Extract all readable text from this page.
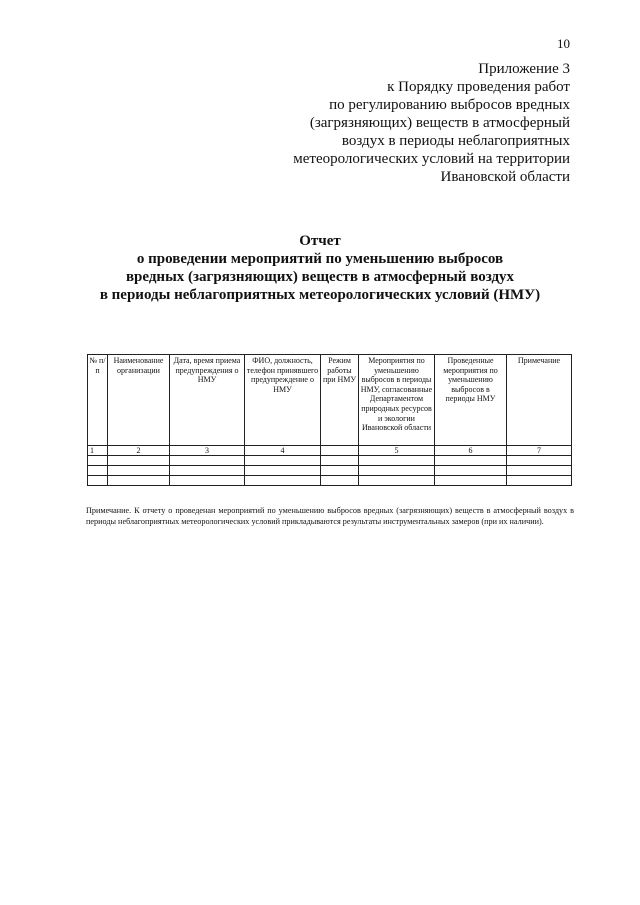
10
Приложение 3
к Порядку проведения работ
по регулированию выбросов вредных
(загрязняющих) веществ в атмосферный
воздух в периоды неблагоприятных
метеорологических условий на территории
Ивановской области
Отчет
о проведении мероприятий по уменьшению выбросов
вредных (загрязняющих) веществ в атмосферный воздух
в периоды неблагоприятных метеорологических условий (НМУ)
№ п/п	Наименование организации	Дата, время приема предупреждения о НМУ	ФИО, должность, телефон принявшего предупреждение о НМУ	Режим работы при НМУ	Мероприятия по уменьшению выбросов в периоды НМУ, согласованные Департаментом природных ресурсов и экологии Ивановской области	Проведенные мероприятия по уменьшению выбросов в периоды НМУ	Примечание
1	2	3	4		5	6	7

Примечание. К отчету о проведенан мероприятий по уменьшению выбросов вредных (загрязняющих) веществ в атмосферный воздух в периоды неблагоприятных метеорологических условий прикладываются результаты инструментальных замеров (при их наличии).
